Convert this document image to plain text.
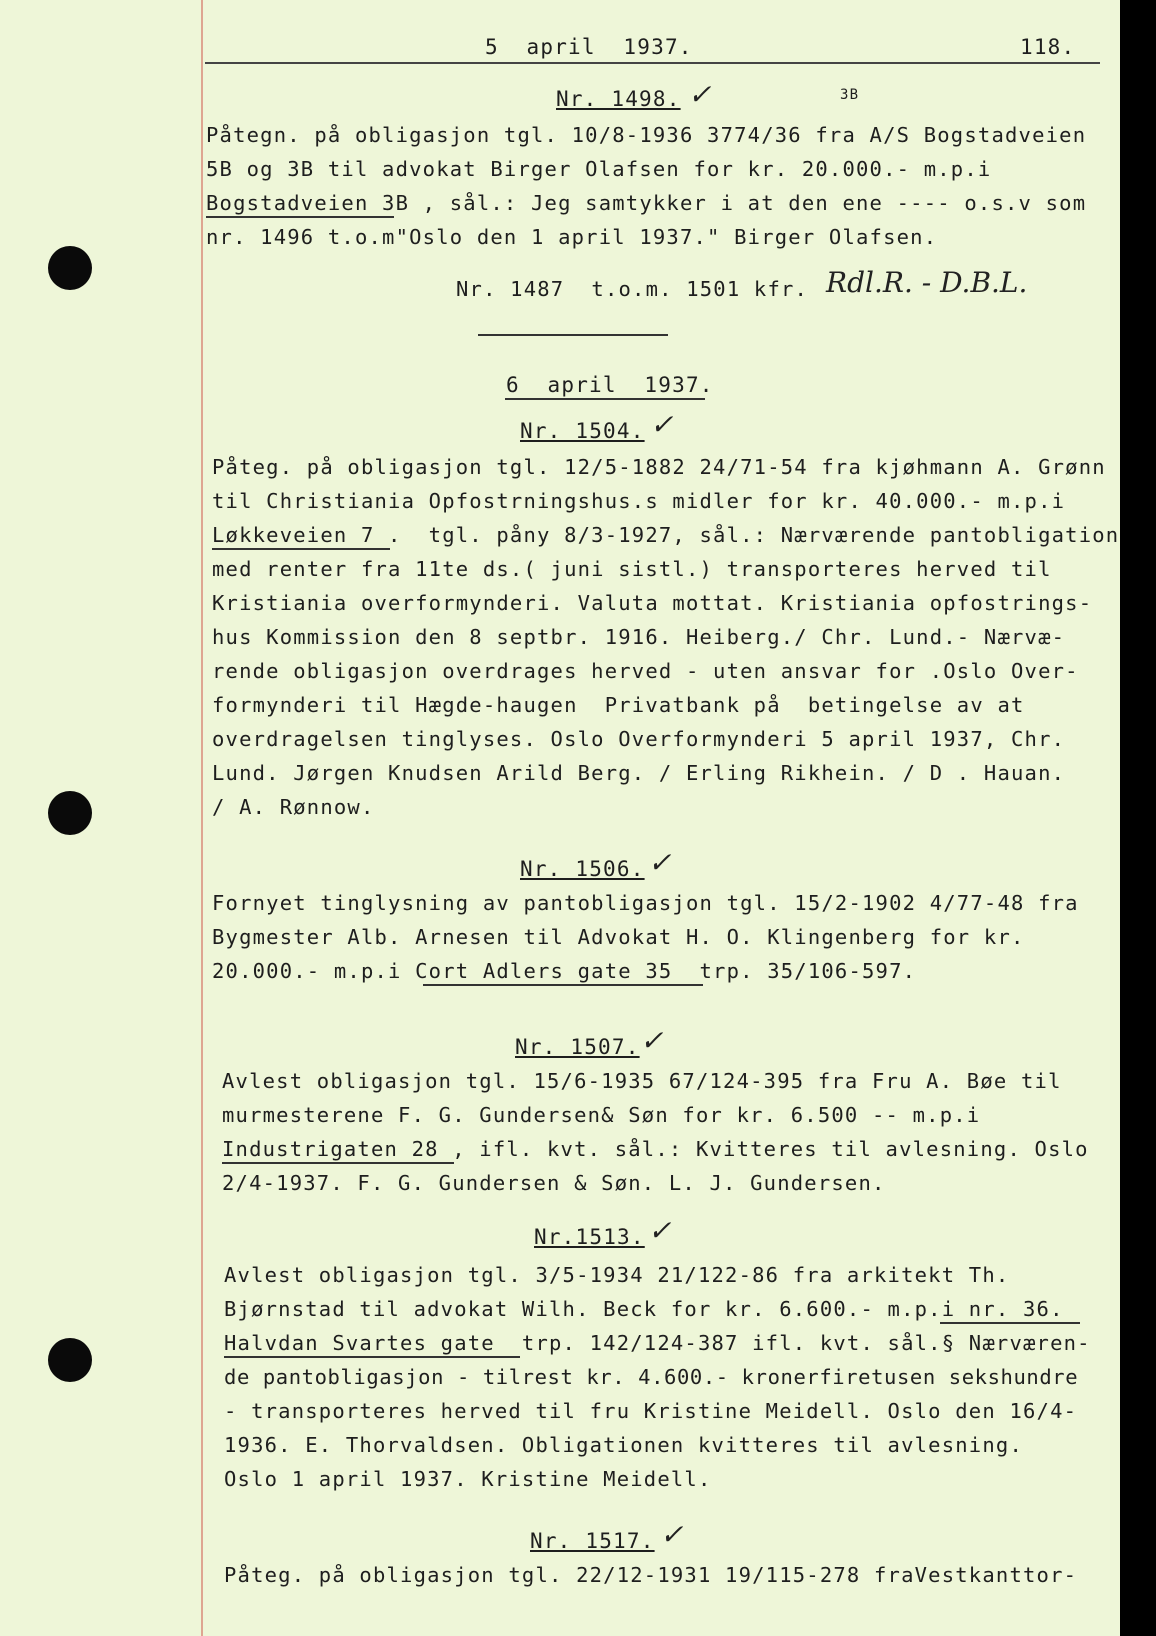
5  april  1937.	118.
Nr. 1498. ✓	3B
Påtegn. på obligasjon tgl. 10/8-1936 3774/36 fra A/S Bogstadveien
5B og 3B til advokat Birger Olafsen for kr. 20.000.- m.p.i
Bogstadveien 3B , sål.: Jeg samtykker i at den ene ---- o.s.v som
nr. 1496 t.o.m"Oslo den 1 april 1937." Birger Olafsen.
Nr. 1487  t.o.m. 1501 kfr. Rdl.R. - D.B.L.
6  april  1937.
Nr. 1504. ✓
Påteg. på obligasjon tgl. 12/5-1882 24/71-54 fra kjøhmann A. Grønn
til Christiania Opfostrningshus.s midler for kr. 40.000.- m.p.i
Løkkeveien 7 .  tgl. påny 8/3-1927, sål.: Nærværende pantobligation
med renter fra 11te ds.( juni sistl.) transporteres herved til
Kristiania overformynderi. Valuta mottat. Kristiania opfostrings-
hus Kommission den 8 septbr. 1916. Heiberg./ Chr. Lund.- Nærvæ-
rende obligasjon overdrages herved - uten ansvar for .Oslo Over-
formynderi til Hægde-haugen  Privatbank på  betingelse av at
overdragelsen tinglyses. Oslo Overformynderi 5 april 1937, Chr.
Lund. Jørgen Knudsen Arild Berg. / Erling Rikhein. / D . Hauan.
/ A. Rønnow.
Nr. 1506. ✓
Fornyet tinglysning av pantobligasjon tgl. 15/2-1902 4/77-48 fra
Bygmester Alb. Arnesen til Advokat H. O. Klingenberg for kr.
20.000.- m.p.i Cort Adlers gate 35  trp. 35/106-597.
Nr. 1507. ✓
Avlest obligasjon tgl. 15/6-1935 67/124-395 fra Fru A. Bøe til
murmesterene F. G. Gundersen& Søn for kr. 6.500 -- m.p.i
Industrigaten 28 , ifl. kvt. sål.: Kvitteres til avlesning. Oslo
2/4-1937. F. G. Gundersen & Søn. L. J. Gundersen.
Nr.1513. ✓
Avlest obligasjon tgl. 3/5-1934 21/122-86 fra arkitekt Th.
Bjørnstad til advokat Wilh. Beck for kr. 6.600.- m.p.i nr. 36.
Halvdan Svartes gate  trp. 142/124-387 ifl. kvt. sål.§ Nærværen-
de pantobligasjon - tilrest kr. 4.600.- kronerfiretusen sekshundre
- transporteres herved til fru Kristine Meidell. Oslo den 16/4-
1936. E. Thorvaldsen. Obligationen kvitteres til avlesning.
Oslo 1 april 1937. Kristine Meidell.
Nr. 1517. ✓
Påteg. på obligasjon tgl. 22/12-1931 19/115-278 fraVestkanttor-
